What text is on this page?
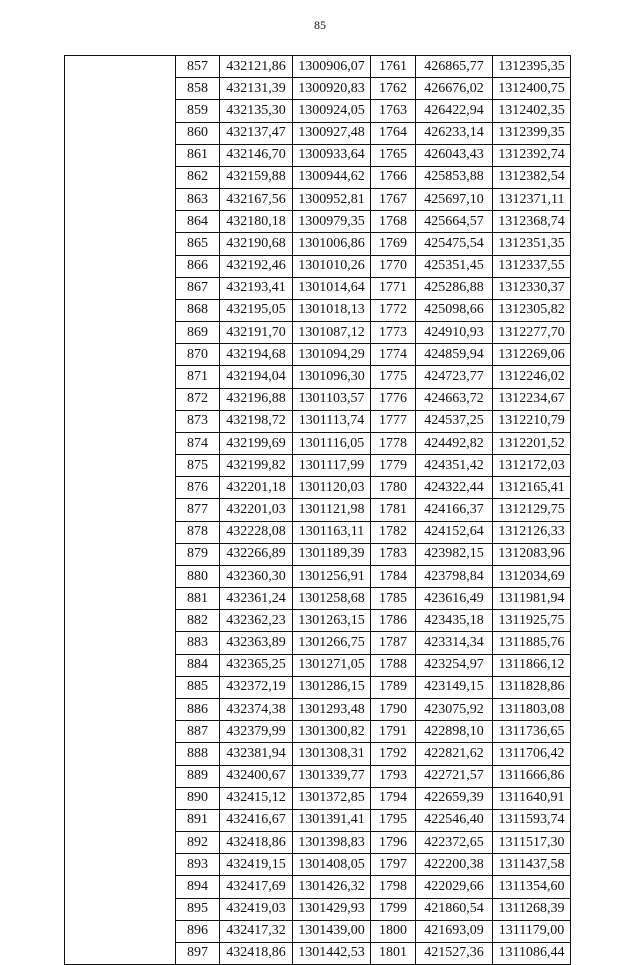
85
	857	432121,86	1300906,07	1761	426865,77	1312395,35
	858	432131,39	1300920,83	1762	426676,02	1312400,75
	859	432135,30	1300924,05	1763	426422,94	1312402,35
	860	432137,47	1300927,48	1764	426233,14	1312399,35
	861	432146,70	1300933,64	1765	426043,43	1312392,74
	862	432159,88	1300944,62	1766	425853,88	1312382,54
	863	432167,56	1300952,81	1767	425697,10	1312371,11
	864	432180,18	1300979,35	1768	425664,57	1312368,74
	865	432190,68	1301006,86	1769	425475,54	1312351,35
	866	432192,46	1301010,26	1770	425351,45	1312337,55
	867	432193,41	1301014,64	1771	425286,88	1312330,37
	868	432195,05	1301018,13	1772	425098,66	1312305,82
	869	432191,70	1301087,12	1773	424910,93	1312277,70
	870	432194,68	1301094,29	1774	424859,94	1312269,06
	871	432194,04	1301096,30	1775	424723,77	1312246,02
	872	432196,88	1301103,57	1776	424663,72	1312234,67
	873	432198,72	1301113,74	1777	424537,25	1312210,79
	874	432199,69	1301116,05	1778	424492,82	1312201,52
	875	432199,82	1301117,99	1779	424351,42	1312172,03
	876	432201,18	1301120,03	1780	424322,44	1312165,41
	877	432201,03	1301121,98	1781	424166,37	1312129,75
	878	432228,08	1301163,11	1782	424152,64	1312126,33
	879	432266,89	1301189,39	1783	423982,15	1312083,96
	880	432360,30	1301256,91	1784	423798,84	1312034,69
	881	432361,24	1301258,68	1785	423616,49	1311981,94
	882	432362,23	1301263,15	1786	423435,18	1311925,75
	883	432363,89	1301266,75	1787	423314,34	1311885,76
	884	432365,25	1301271,05	1788	423254,97	1311866,12
	885	432372,19	1301286,15	1789	423149,15	1311828,86
	886	432374,38	1301293,48	1790	423075,92	1311803,08
	887	432379,99	1301300,82	1791	422898,10	1311736,65
	888	432381,94	1301308,31	1792	422821,62	1311706,42
	889	432400,67	1301339,77	1793	422721,57	1311666,86
	890	432415,12	1301372,85	1794	422659,39	1311640,91
	891	432416,67	1301391,41	1795	422546,40	1311593,74
	892	432418,86	1301398,83	1796	422372,65	1311517,30
	893	432419,15	1301408,05	1797	422200,38	1311437,58
	894	432417,69	1301426,32	1798	422029,66	1311354,60
	895	432419,03	1301429,93	1799	421860,54	1311268,39
	896	432417,32	1301439,00	1800	421693,09	1311179,00
	897	432418,86	1301442,53	1801	421527,36	1311086,44
